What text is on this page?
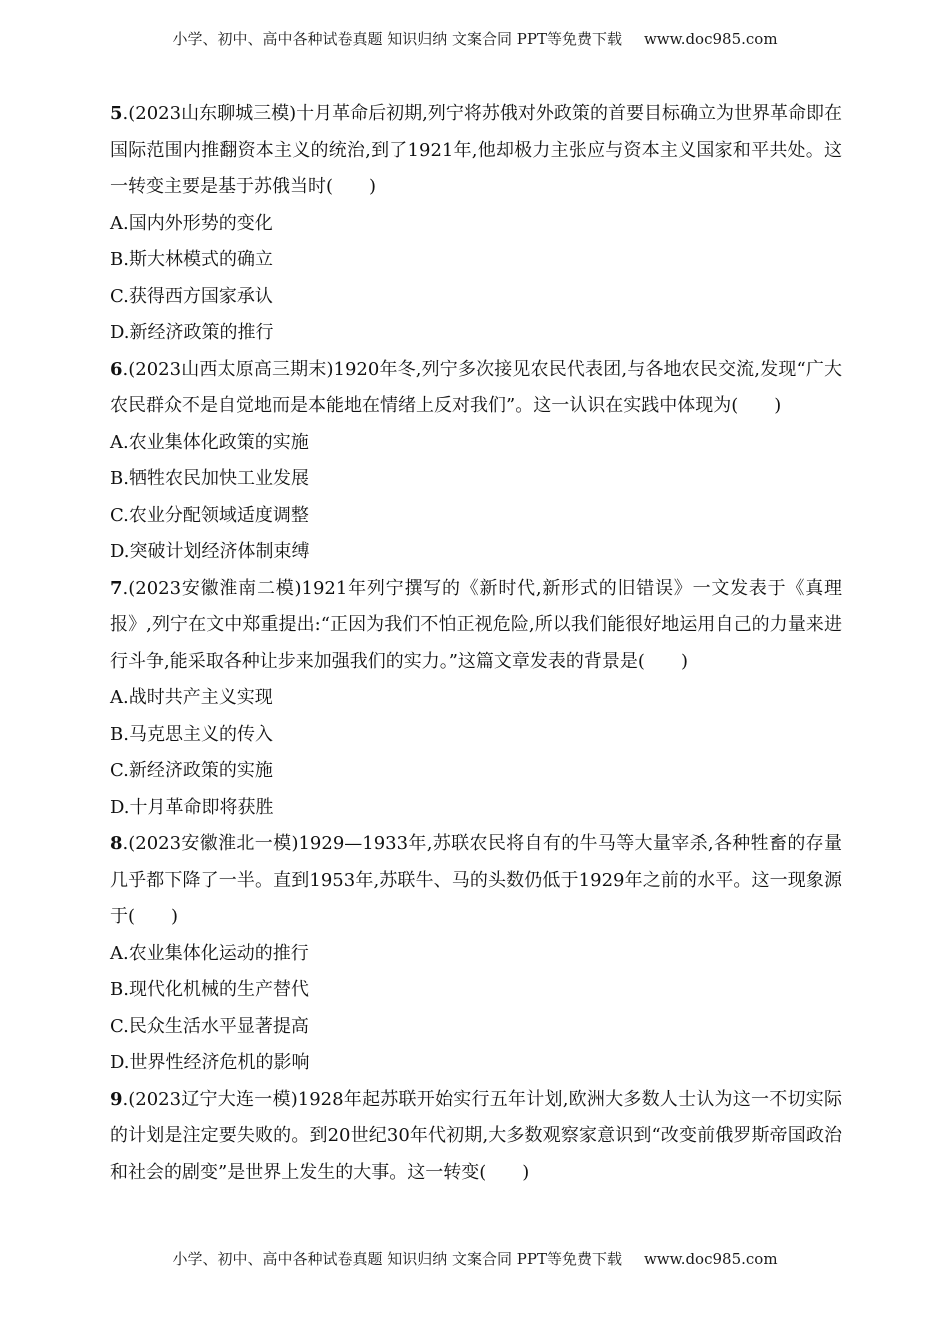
小学、初中、高中各种试卷真题 知识归纳 文案合同 PPT等免费下载 www.doc985.com

5.(2023山东聊城三模)十月革命后初期,列宁将苏俄对外政策的首要目标确立为世界革命即在国际范围内推翻资本主义的统治,到了1921年,他却极力主张应与资本主义国家和平共处。这一转变主要是基于苏俄当时(　　)

A.国内外形势的变化

B.斯大林模式的确立

C.获得西方国家承认

D.新经济政策的推行

6.(2023山西太原高三期末)1920年冬,列宁多次接见农民代表团,与各地农民交流,发现“广大农民群众不是自觉地而是本能地在情绪上反对我们”。这一认识在实践中体现为(　　)

A.农业集体化政策的实施

B.牺牲农民加快工业发展

C.农业分配领域适度调整

D.突破计划经济体制束缚

7.(2023安徽淮南二模)1921年列宁撰写的《新时代,新形式的旧错误》一文发表于《真理报》,列宁在文中郑重提出:“正因为我们不怕正视危险,所以我们能很好地运用自己的力量来进行斗争,能采取各种让步来加强我们的实力。”这篇文章发表的背景是(　　)

A.战时共产主义实现

B.马克思主义的传入

C.新经济政策的实施

D.十月革命即将获胜

8.(2023安徽淮北一模)1929—1933年,苏联农民将自有的牛马等大量宰杀,各种牲畜的存量几乎都下降了一半。直到1953年,苏联牛、马的头数仍低于1929年之前的水平。这一现象源于(　　)

A.农业集体化运动的推行

B.现代化机械的生产替代

C.民众生活水平显著提高

D.世界性经济危机的影响

9.(2023辽宁大连一模)1928年起苏联开始实行五年计划,欧洲大多数人士认为这一不切实际的计划是注定要失败的。到20世纪30年代初期,大多数观察家意识到“改变前俄罗斯帝国政治和社会的剧变”是世界上发生的大事。这一转变(　　)

小学、初中、高中各种试卷真题 知识归纳 文案合同 PPT等免费下载 www.doc985.com
